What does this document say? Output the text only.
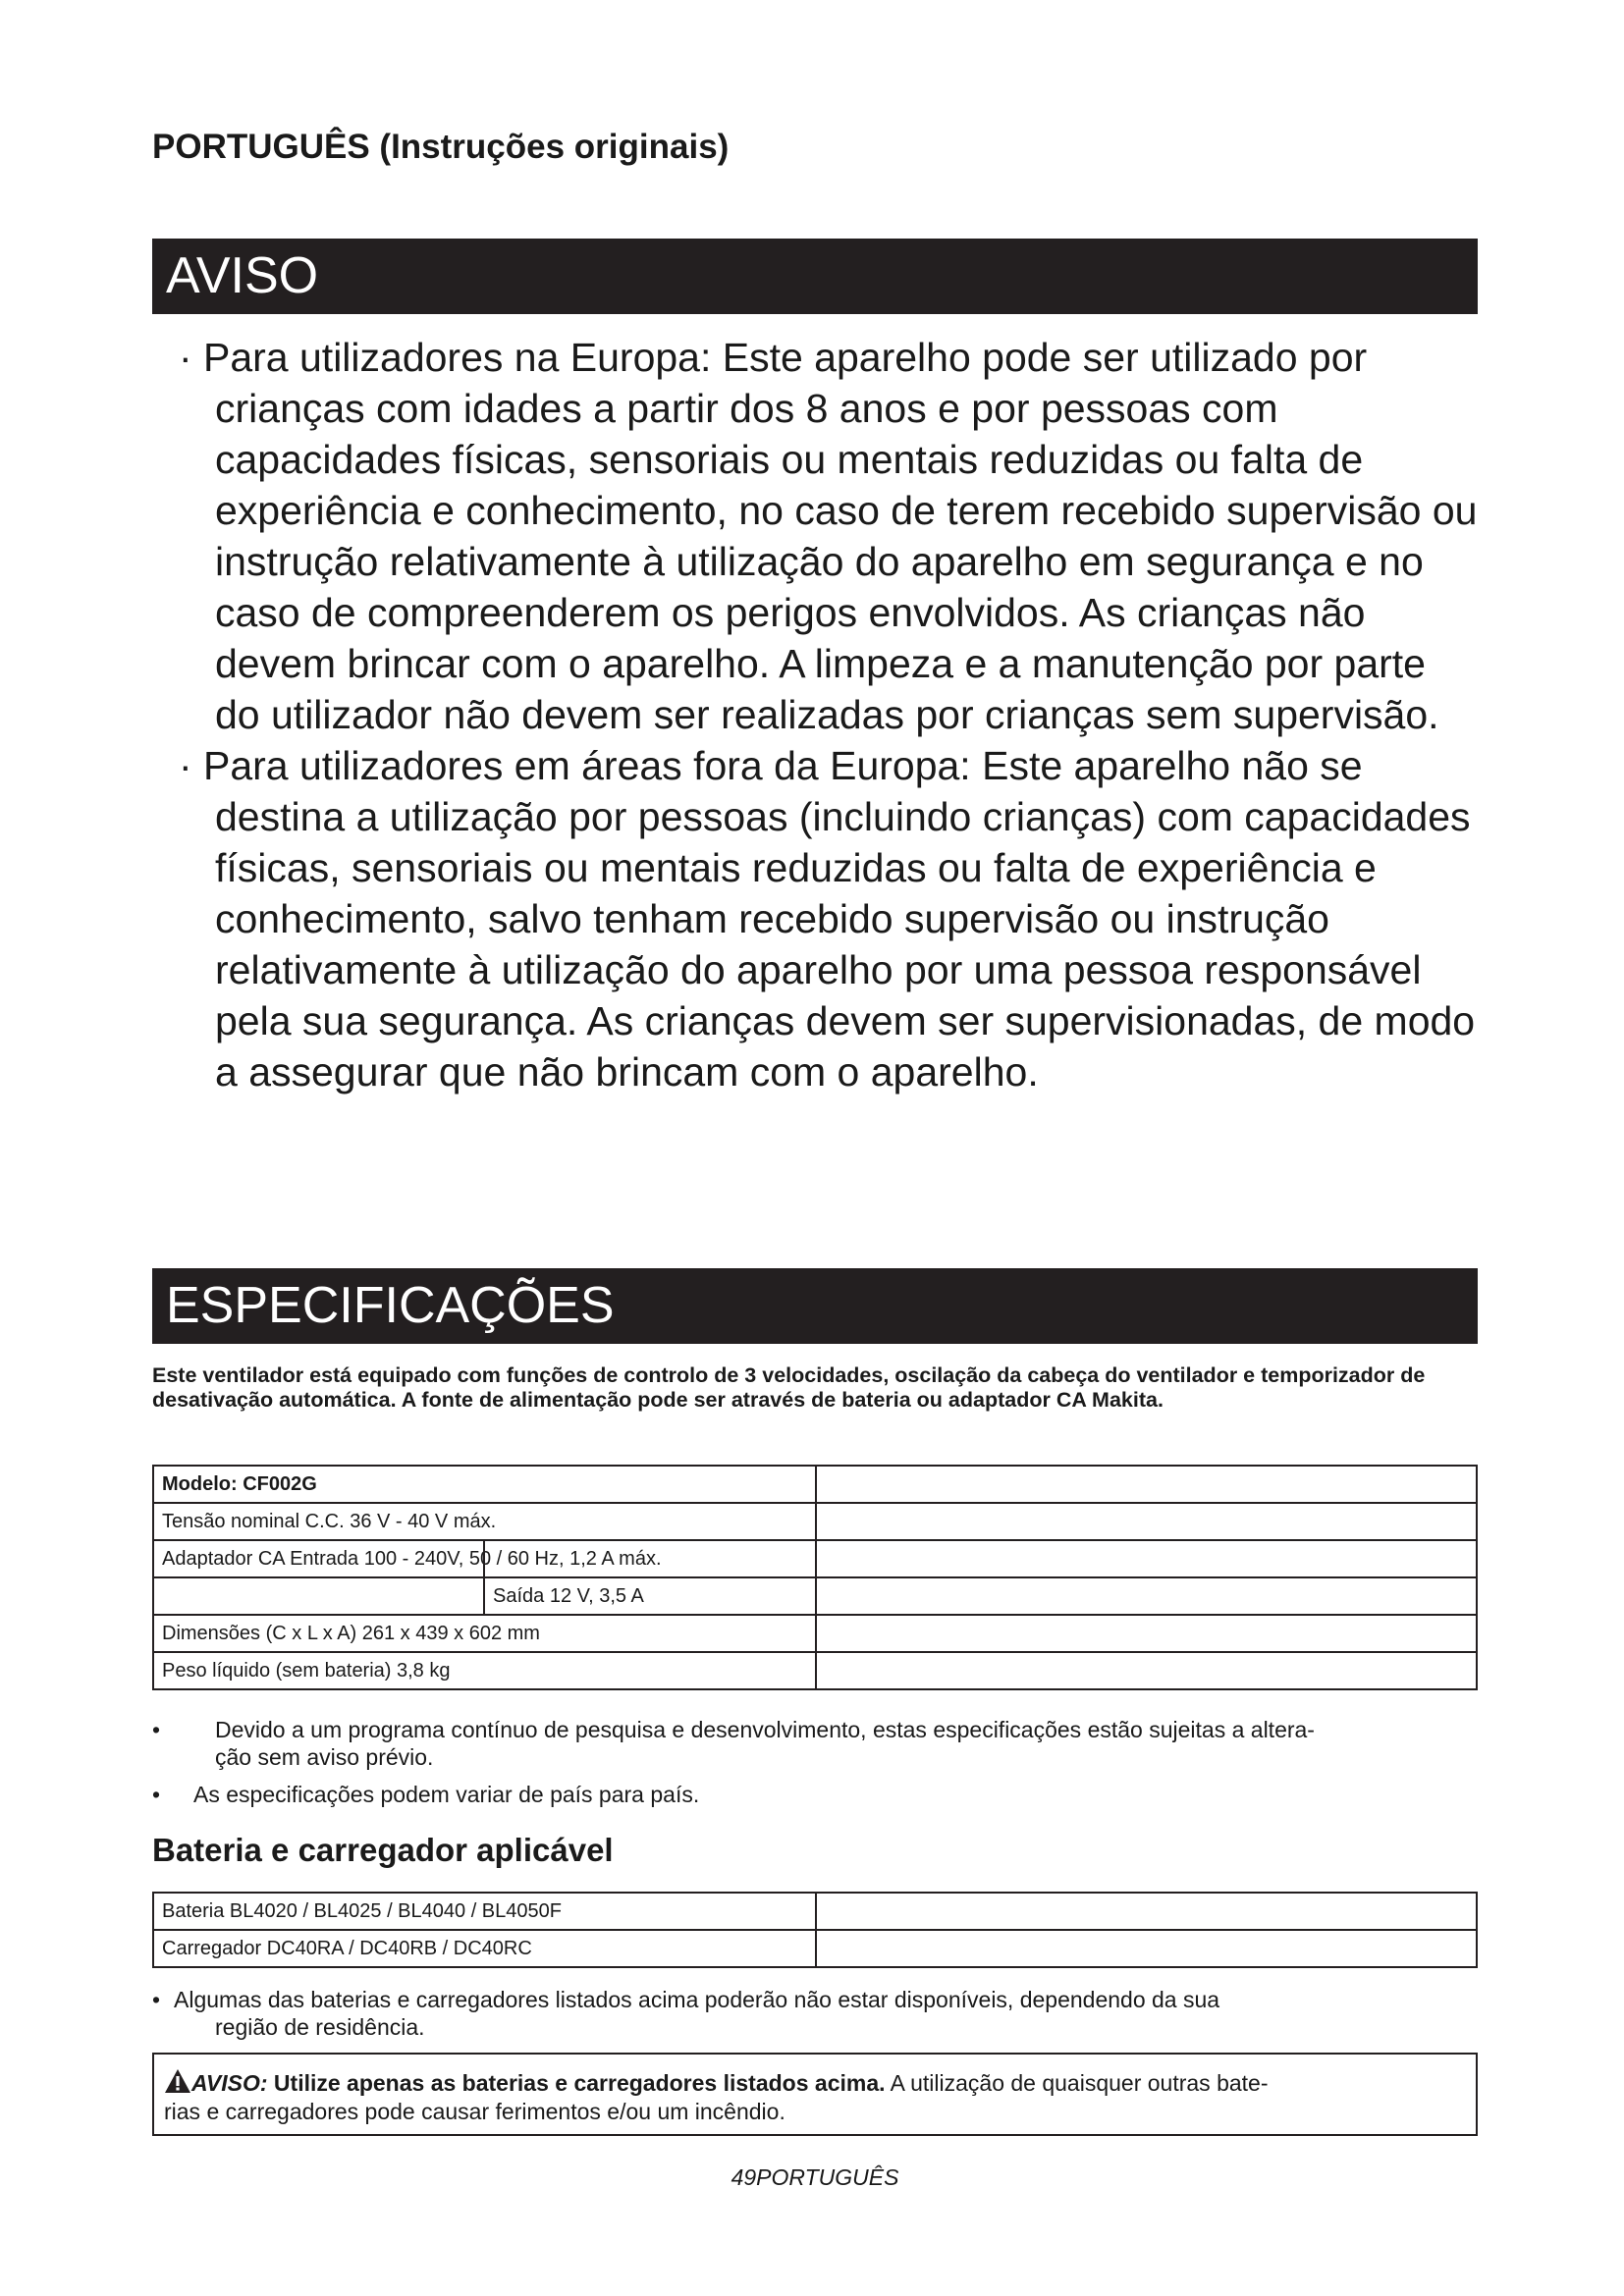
PORTUGUÊS (Instruções originais)
AVISO

· Para utilizadores na Europa: Este aparelho pode ser utilizado por crianças com idades a partir dos 8 anos e por pessoas com capacidades físicas, sensoriais ou mentais reduzidas ou falta de experiência e conhecimento, no caso de terem recebido supervisão ou instrução relativamente à utilização do aparelho em segurança e no caso de compreenderem os perigos envolvidos. As crianças não devem brincar com o aparelho. A limpeza e a manutenção por parte do utilizador não devem ser realizadas por crianças sem supervisão.

· Para utilizadores em áreas fora da Europa: Este aparelho não se destina a utilização por pessoas (incluindo crianças) com capacidades físicas, sensoriais ou mentais reduzidas ou falta de experiência e conhecimento, salvo tenham recebido supervisão ou instrução relativamente à utilização do aparelho por uma pessoa responsável pela sua segurança. As crianças devem ser supervisionadas, de modo a assegurar que não brincam com o aparelho.

ESPECIFICAÇÕES
Este ventilador está equipado com funções de controlo de 3 velocidades, oscilação da cabeça do ventilador e temporizador de desativação automática. A fonte de alimentação pode ser através de bateria ou adaptador CA Makita.
Modelo: CF002G	
Tensão nominal C.C. 36 V - 40 V máx.	

Adaptador CA Entrada 100 - 240V, 50 / 60 Hz, 1,2 A máx.	

Saída 12 V, 3,5 A	
Dimensões (C x L x A) 261 x 439 x 602 mm	
Peso líquido (sem bateria) 3,8 kg	

•	Devido a um programa contínuo de pesquisa e desenvolvimento, estas especificações estão sujeitas a altera-
ção sem aviso prévio.

•	As especificações podem variar de país para país.

Bateria e carregador aplicável
Bateria BL4020 / BL4025 / BL4040 / BL4050F	
Carregador DC40RA / DC40RB / DC40RC	

• Algumas das baterias e carregadores listados acima poderão não estar disponíveis, dependendo da sua
região de residência.

AVISO: Utilize apenas as baterias e carregadores listados acima. A utilização de quaisquer outras bate-
rias e carregadores pode causar ferimentos e/ou um incêndio.
49PORTUGUÊS
